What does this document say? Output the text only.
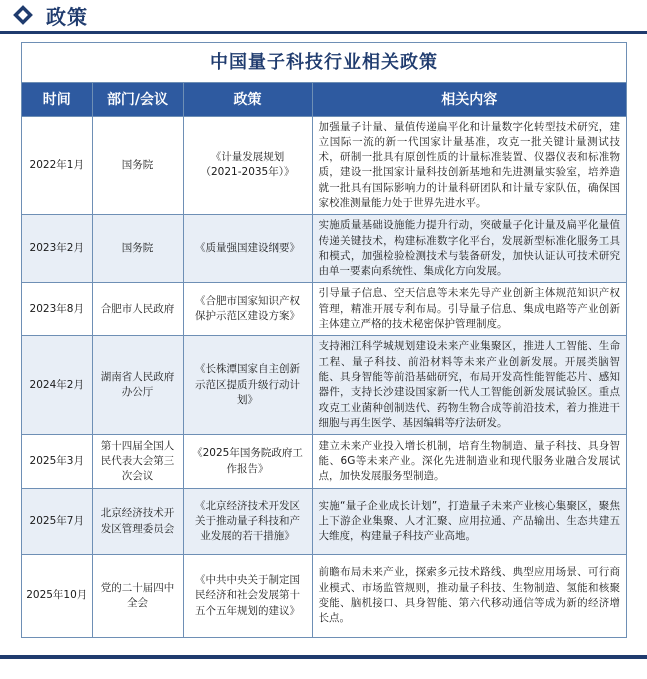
政策
中国量子科技行业相关政策
时间	部门/会议	政策	相关内容
2022年1月	国务院	《计量发展规划（2021-2035年）》	加强量子计量、量值传递扁平化和计量数字化转型技术研究，建立国际一流的新一代国家计量基准，攻克一批关键计量测试技术，研制一批具有原创性质的计量标准装置、仪器仪表和标准物质，建设一批国家计量科技创新基地和先进测量实验室，培养造就一批具有国际影响力的计量科研团队和计量专家队伍，确保国家校准测量能力处于世界先进水平。
2023年2月	国务院	《质量强国建设纲要》	实施质量基础设施能力提升行动，突破量子化计量及扁平化量值传递关键技术，构建标准数字化平台，发展新型标准化服务工具和模式，加强检验检测技术与装备研发，加快认证认可技术研究由单一要素向系统性、集成化方向发展。
2023年8月	合肥市人民政府	《合肥市国家知识产权保护示范区建设方案》	引导量子信息、空天信息等未来先导产业创新主体规范知识产权管理，精准开展专利布局。引导量子信息、集成电路等产业创新主体建立严格的技术秘密保护管理制度。
2024年2月	湖南省人民政府办公厅	《长株潭国家自主创新示范区提质升级行动计划》	支持湘江科学城规划建设未来产业集聚区，推进人工智能、生命工程、量子科技、前沿材料等未来产业创新发展。开展类脑智能、具身智能等前沿基础研究，布局开发高性能智能芯片、感知器件，支持长沙建设国家新一代人工智能创新发展试验区。重点攻克工业菌种创制迭代、药物生物合成等前沿技术，着力推进干细胞与再生医学、基因编辑等疗法研发。
2025年3月	第十四届全国人民代表大会第三次会议	《2025年国务院政府工作报告》	建立未来产业投入增长机制，培育生物制造、量子科技、具身智能、6G等未来产业。深化先进制造业和现代服务业融合发展试点，加快发展服务型制造。
2025年7月	北京经济技术开发区管理委员会	《北京经济技术开发区关于推动量子科技和产业发展的若干措施》	实施“量子企业成长计划”，打造量子未来产业核心集聚区，聚焦上下游企业集聚、人才汇聚、应用拉通、产品输出、生态共建五大维度，构建量子科技产业高地。
2025年10月	党的二十届四中全会	《中共中央关于制定国民经济和社会发展第十五个五年规划的建议》	前瞻布局未来产业，探索多元技术路线、典型应用场景、可行商业模式、市场监管规则，推动量子科技、生物制造、氢能和核聚变能、脑机接口、具身智能、第六代移动通信等成为新的经济增长点。
